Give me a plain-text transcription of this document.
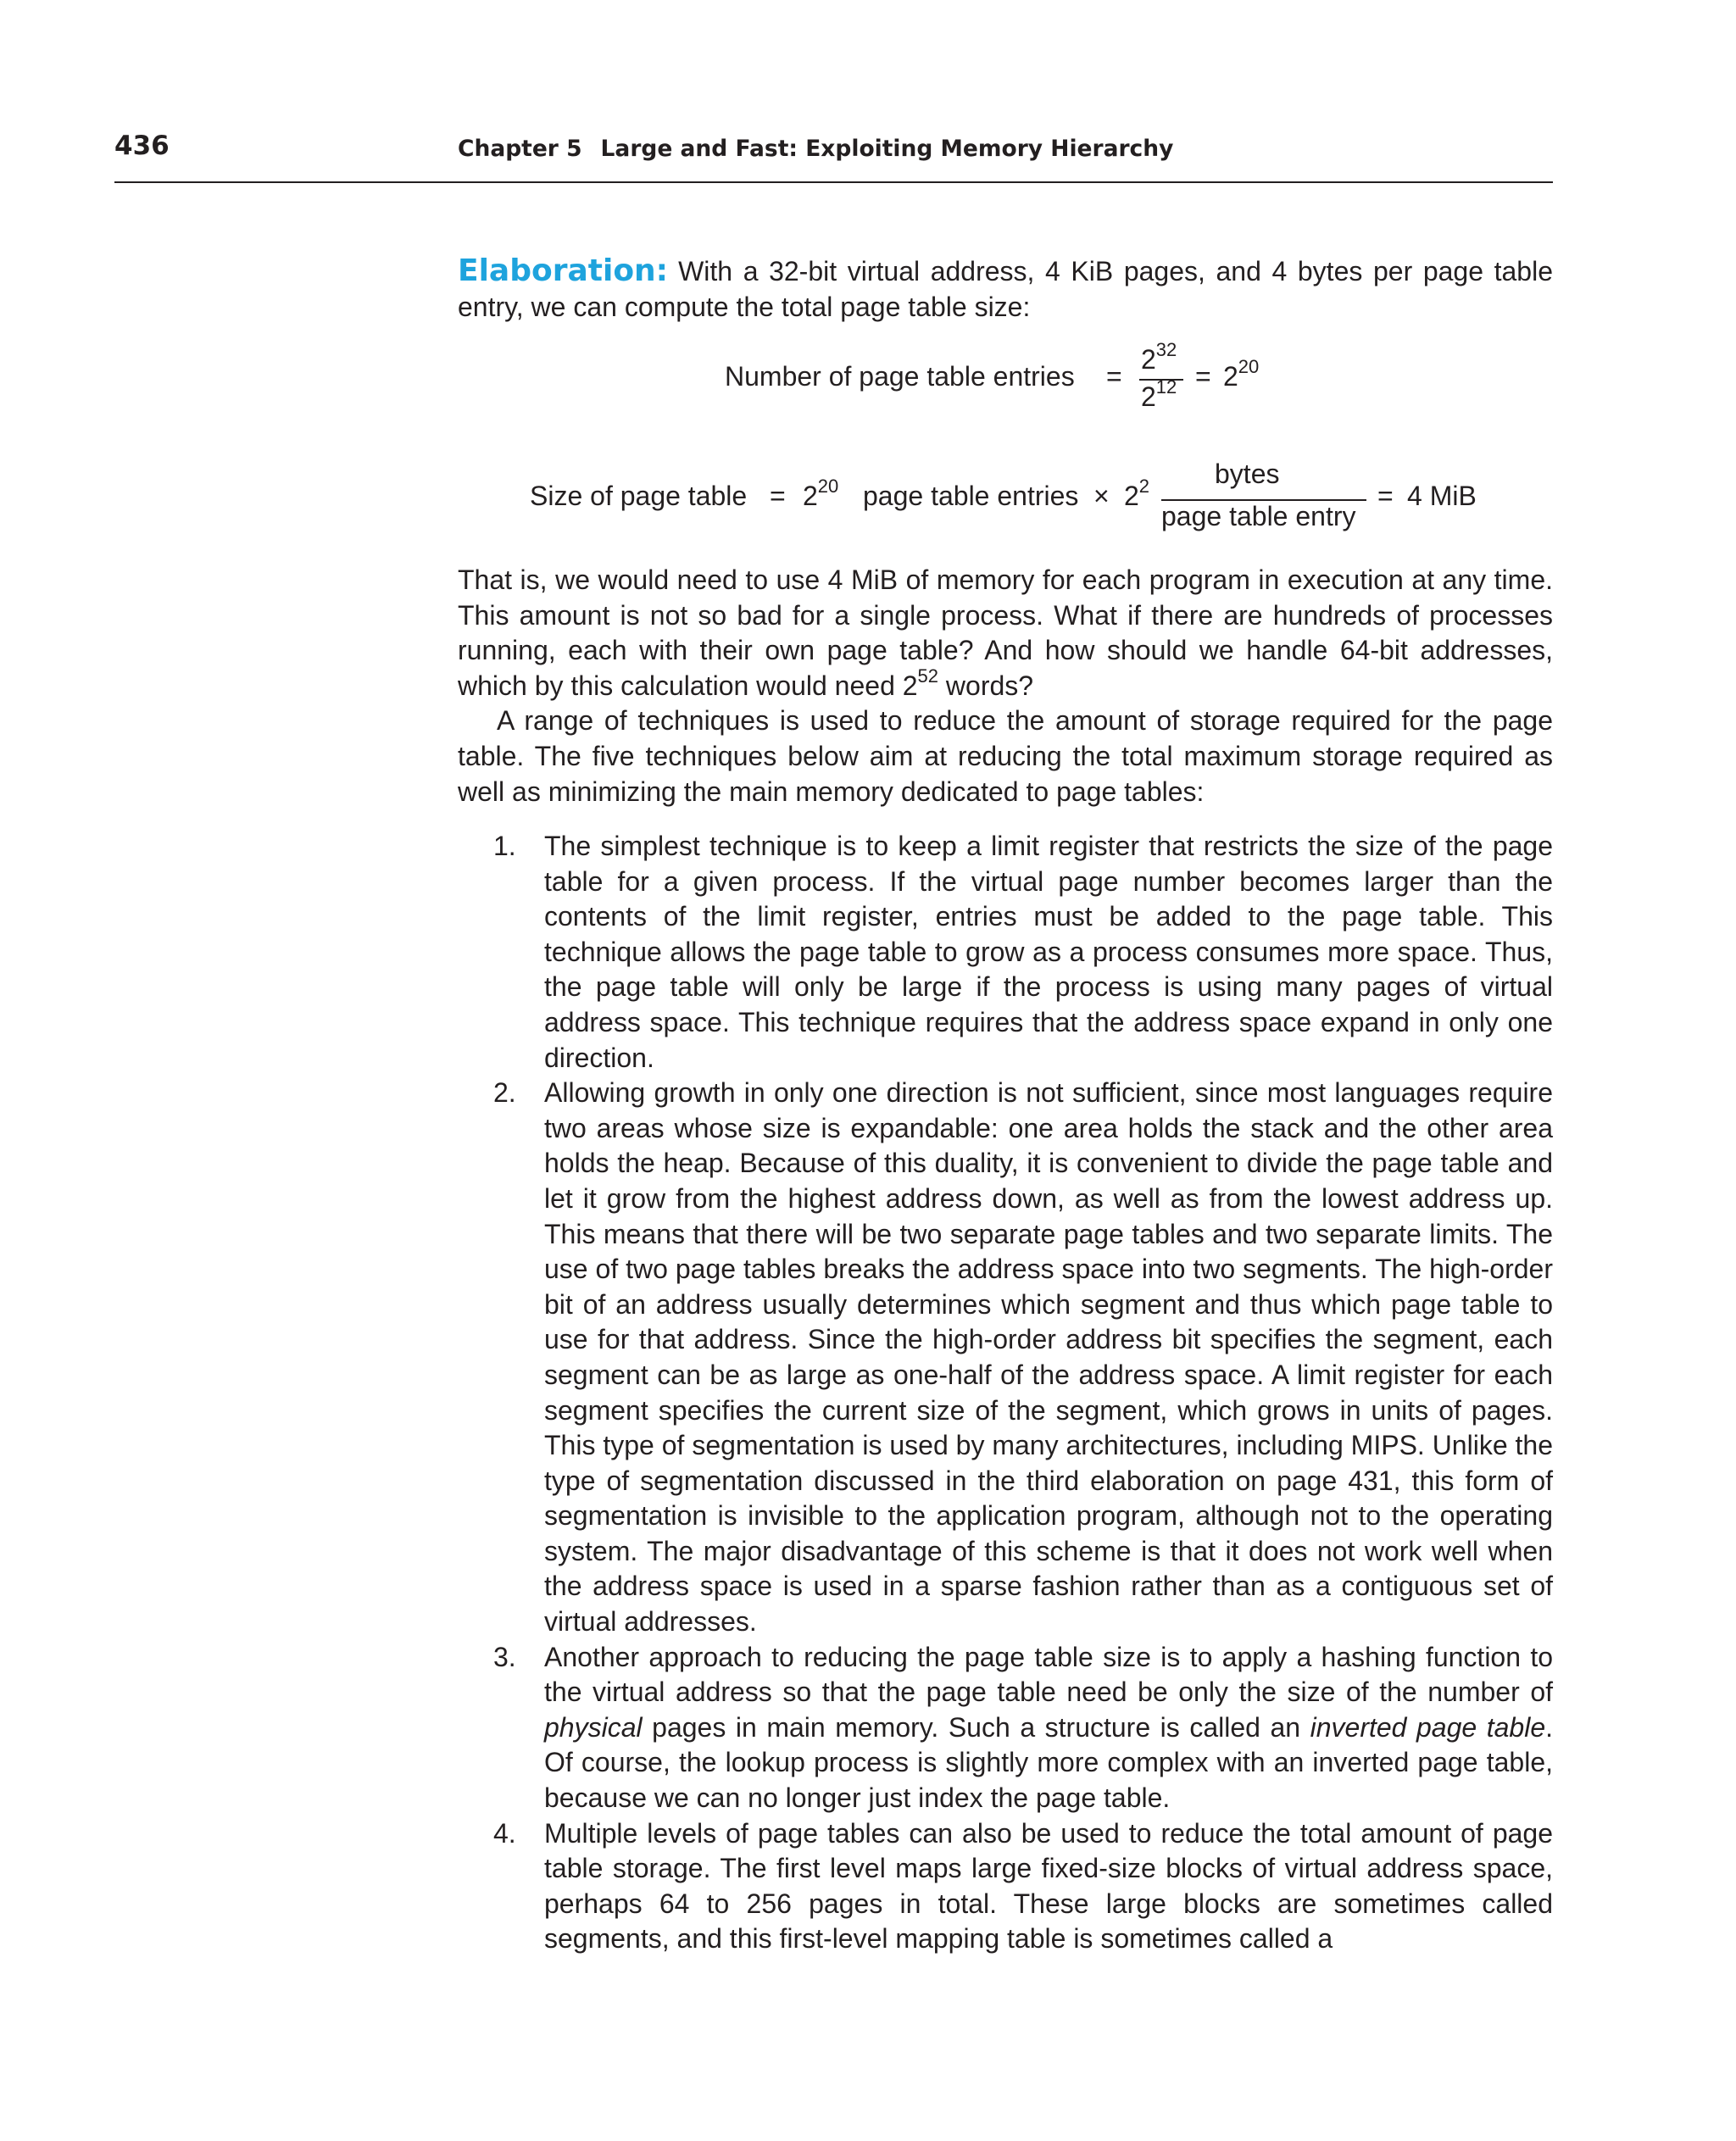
436	Chapter 5 Large and Fast: Exploiting Memory Hierarchy

Elaboration: With a 32-bit virtual address, 4 KiB pages, and 4 bytes per page table entry, we can compute the total page table size:

Number of page table entries =
$2^{32}$
$2^{12} = 2^{20}$
Size of page table = $2^{20}$ page table entries × $2^2$ bytes
page table entry
= 4 MiB

That is, we would need to use 4 MiB of memory for each program in execution at any time. This amount is not so bad for a single process. What if there are hundreds of processes running, each with their own page table? And how should we handle 64-bit addresses, which by this calculation would need $2^{52}$ words?

A range of techniques is used to reduce the amount of storage required for the page table. The five techniques below aim at reducing the total maximum storage required as well as minimizing the main memory dedicated to page tables:

1. The simplest technique is to keep a limit register that restricts the size of the page table for a given process. If the virtual page number becomes larger than the contents of the limit register, entries must be added to the page table. This technique allows the page table to grow as a process consumes more space. Thus, the page table will only be large if the process is using many pages of virtual address space. This technique requires that the address space expand in only one direction.
2. Allowing growth in only one direction is not sufficient, since most languages require two areas whose size is expandable: one area holds the stack and the other area holds the heap. Because of this duality, it is convenient to divide the page table and let it grow from the highest address down, as well as from the lowest address up. This means that there will be two separate page tables and two separate limits. The use of two page tables breaks the address space into two segments. The high-order bit of an address usually determines which segment and thus which page table to use for that address. Since the high-order address bit specifies the segment, each segment can be as large as one-half of the address space. A limit register for each segment specifies the current size of the segment, which grows in units of pages. This type of segmentation is used by many architectures, including MIPS. Unlike the type of segmentation discussed in the third elaboration on page 431, this form of segmentation is invisible to the application program, although not to the operating system. The major disadvantage of this scheme is that it does not work well when the address space is used in a sparse fashion rather than as a contiguous set of virtual addresses.
3. Another approach to reducing the page table size is to apply a hashing function to the virtual address so that the page table need be only the size of the number of physical pages in main memory. Such a structure is called an inverted page table. Of course, the lookup process is slightly more complex with an inverted page table, because we can no longer just index the page table.
4. Multiple levels of page tables can also be used to reduce the total amount of page table storage. The first level maps large fixed-size blocks of virtual address space, perhaps 64 to 256 pages in total. These large blocks are sometimes called segments, and this first-level mapping table is sometimes called a
